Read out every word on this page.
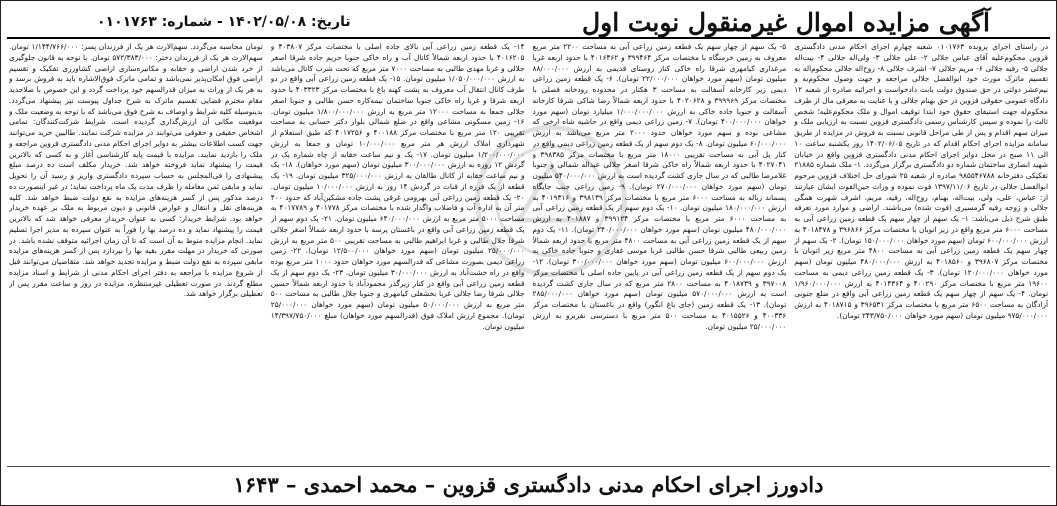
آگهی مزایده اموال غیرمنقول نوبت اول
تاریخ: ۱۴۰۲/۰۵/۰۸ - شماره: ۰۱۰۱۷۶۳

در راستای اجرای پرونده ۰۱۰۱۷۶۳ شعبه چهارم اجرای احکام مدنی دادگستری قزوین محکوم‌علیه آقای عباس جلالی ۲- علی جلالی ۳- ولی‌اله جلالی ۴- بیت‌اله جلالی ۵- رقیه جلالی ۶- مریم جلالی ۷- اشرف جلالی ۸- روح‌اله جلالی محکوم‌اله به تقسیم ماترک مورث خود ابوالفضل جلالی مراجعه و جهت وصول محکوم‌به و نیم‌عشر دولتی در حق صندوق دولت بابت دادخواست و اجرائیه صادره از شعبه ۱۲ دادگاه عمومی حقوقی قزوین در حق بهنام جلالی و با عنایت به معرفی مال از طرف محکوم‌له جهت استیفای حقوق خود ابتدا توقیف اموال و ملک محکوم‌علیه؛ شخص ثالث را نموده و سپس کارشناس رسمی دادگستری قزوین نسبت به ارزیابی ملک و میزان سهم اقدام و پس از طی مراحل قانونی نسبت به فروش در مزایده از طریق سامانه مزایده اجرای احکام اقدام که در تاریخ ۱۴۰۲/۰۶/۰۵ روز یکشنبه ساعت ۱۰ الی ۱۱ صبح در محل دوایر اجرای احکام مدنی دادگستری قزوین واقع در خیابان شهید انصاری ساختمان شماره دو دادگستری برگزار می‌گردد. ۱- ملک شماره ۲۱۸۸۵ تفکیکی دفترخانه ۹۸۵۵۴۶۷۸۸ صادره از شعبه ۲۵ شورای حل اختلاف قزوین مرحوم ابوالفضل جلالی در تاریخ ۱۳۹۷/۱۱/۰۶ فوت نموده و وراث حین‌الفوت ایشان عبارتند از: عباس، علی، ولی، بیت‌اله، بهنام، روح‌اله، رقیه، مریم، اشرف شهرت همگی جلالی و زوجه رقیه گرمسیری (فوت شده) می‌باشند. اراضی و موارد مورد تعرفه طبق شرح ذیل می‌باشد: ۱- یک سهم از چهار سهم یک قطعه زمین زراعی آبی به مساحت ۶۰۰۰ متر مربع واقع در زیر اتوبان با مختصات مرکز ۳۹۶۸۶۶ و ۴۰۱۸۴۷۸ به ارزش ۶۰۰/۰۰۰/۰۰۰ تومان (سهم مورد خواهان ۱۵۰/۰۰۰/۰۰۰ تومان). ۲- یک سهم از چهار سهم یک قطعه زمین زراعی آبی به مساحت ۴۸۰۰ متر مربع زیر اتوبان با مختصات مرکز ۳۹۶۸۰۷ و ۴۰۱۸۵۶۰ به ارزش ۴۸۰/۰۰۰/۰۰۰ میلیون تومان (سهم مورد خواهان ۱۲۰/۰۰۰/۰۰۰ تومان). ۳- یک قطعه زمین زراعی دیمی به مساحت ۱۹۶۰۰ متر مربع با مختصات مرکز ۴۰۰۲۹۰ و ۴۰۱۴۳۶۴ به ارزش ۱/۹۶۰/۰۰۰/۰۰۰ تومان. ۴- یک سهم از چهار سهم یک قطعه زمین زراعی آبی واقع در ضلع جنوبی آزادگان به مساحت ۶۵۰۰ متر مربع با مختصات مرکز ۳۹۶۵۳۱ و ۴۰۱۸۷۱۵ به ارزش ۹۷۵/۰۰۰/۰۰۰ میلیون تومان (سهم مورد خواهان ۲۴۳/۷۵۰/۰۰۰ تومان).

۵- یک سهم از چهار سهم یک قطعه زمین زراعی آبی به مساحت ۲۲۰۰ متر مربع معروف به زمین خرمنگاه با مختصات مرکز ۳۹۹۴۶۴ و ۴۰۱۶۴۶۲ با حدود اربعه غربا مرغداری کیامهری شرقا راه خاکی کنار روستای قدیمی به ارزش ۸۸/۰۰۰/۰۰۰ میلیون تومان (سهم مورد خواهان ۲۲/۰۰۰/۰۰۰ تومان). ۶- یک قطعه زمین زراعی دیمی زیر کارخانه آسفالت به مساحت ۳ هکتار در محدوده رودخانه فصلی با مختصات مرکز ۳۹۹۹۶۹ و ۴۰۲۰۶۲۸ با حدود اربعه شمالاً رضا شاکی شرقا کارخانه آسفالت و جنوبا جاده خاکی به ارزش ۱/۰۰۰/۰۰۰/۰۰۰ میلیارد تومان (سهم مورد خواهان ۴۰۰/۰۰۰/۰۰۰ تومان). ۷- زمین زراعی دیمی واقع در حاشیه شاه ارخی که مشاعی بوده و سهم مورد خواهان حدود ۲۰۰۰ متر مربع می‌باشد به ارزش ۶۰/۰۰۰/۰۰۰ میلیون تومان. ۸- یک دوم سهم از یک قطعه زمین زراعی دیمی واقع در کنار پل آبی به مساحت تقریبی ۱۸۰۰۰ متر مربع با مختصات مرکز ۳۹۸۳۸۵ و ۴۰۲۷۰۴۱ با حدود اربعه شمالاً راه خاکی شرقا اصغر جلالی عبداله شمالی و جنوبا غلامرضا طالبی که در سال جاری کشت گردیده است به ارزش ۵۴۰/۰۰۰/۰۰۰ میلیون تومان (سهم مورد خواهان ۲۷۰/۰۰۰/۰۰۰ تومان). ۹- زمین زراعی جنب جایگاه پسماند زباله به مساحت ۶۰۰۰ متر مربع با مختصات مرکز ۳۹۸۱۳۹ و ۴۰۱۹۳۱۶ به ارزش ۱۸۰/۰۰۰/۰۰۰ میلیون تومان. ۱۰- یک دوم سهم از یک قطعه زمین زراعی آبی به مساحت ۶۰۰۰ متر مربع با مختصات مرکز ۳۹۹۱۲۴ و ۴۰۱۸۸۷ به ارزش ۴۸۰/۰۰۰/۰۰۰ میلیون تومان (سهم مورد خواهان ۲۴۰/۰۰۰/۰۰۰ تومان). ۱۱- یک دوم سهم از یک قطعه زمین زراعی آبی به مساحت ۴۸۰۰ متر مربع با حدود اربعه شمالاً زمین ربیعی طالبی شرقا حسن طالبی غربا موسی غفاری و جنوبا جاده خاکی به ارزش ۶۰۰/۰۰۰/۰۰۰ میلیون تومان (سهم مورد خواهان ۳۰۰/۰۰۰/۰۰۰ تومان). ۱۲- یک دوم سهم از یک قطعه زمین زراعی آبی در پایین جاده اصلی با مختصات مرکز ۳۹۷۰۰۸ و ۴۰۱۸۷۳۹ به مساحت ۲۸۰۰ متر مربع که در سال جاری کشت گردیده است به ارزش ۵۷۰/۰۰۰/۰۰۰ میلیون تومان (سهم مورد خواهان ۲۸۵/۰۰۰/۰۰۰ تومان). ۱۳- یک قطعه زمین (جای باغ انگور) واقع در باغستان با مختصات مرکز ۴۰۰۳۳۶ و ۴۰۱۵۵۲۶ به مساحت ۵۰۰ متر مربع با دسترسی نفربرو به ارزش ۲۵/۰۰۰/۰۰۰ میلیون تومان.

۱۴- یک قطعه زمین زراعی آبی بالای جاده اصلی با مختصات مرکز ۴۰۳۸۰۷ و ۴۰۱۶۲۰۵ با حدود اربعه شمالاً کانال آب و راه خاکی جنوبا حریم جاده شرقا اصغر جلالی و غربا مهدی طالبی به مساحت ۷۰۰۰ متر مربع که تحت شرب کانال می‌باشد به ارزش ۱/۰۵۰/۰۰۰/۰۰۰ میلیون تومان. ۱۵- یک قطعه زمین زراعی آبی واقع در دو طرف کانال انتقال آب معروف به پشت کهنه باغ با مختصات مرکز ۴۰۳۳۲۳ با حدود اربعه شرقا و غربا راه خاکی جنوبا ساختمان نیمه‌کاره حسن طالبی و جنوبا اصغر جلالی جمعا به مساحت ۱۲۰۰۰ متر مربع به ارزش ۱/۸۰۰/۰۰۰/۰۰۰ میلیون تومان. ۱۶- زمین مسکونی مشاعی واقع در ضلع شمالی بلوار دکتر حسابی به مساحت تقریبی ۱۲۰ متر مربع با مختصات مرکز ۴۰۰۱۸۸ و ۴۰۱۷۲۵۶ که طبق استعلام از شهرداری املاک ارزش هر متر مربع ۱۰/۰۰۰/۰۰۰ تومان و جمعا به ارزش ۱/۲۰۰/۰۰۰/۰۰۰ میلیون تومان. ۱۷- یک و نیم ساعت حقابه از چاه شماره یک در گردش ۱۲ روزه به ارزش ۳۰۰/۰۰۰/۰۰۰ میلیون تومان (سهم مورد خواهان). ۱۸- یک و نیم ساعت حقابه از کانال طالقان به ارزش ۳۲۵/۰۰۰/۰۰۰ میلیون تومان. ۱۹- یک قطعه از یک فرزه از قنات در گردش ۱۴ روز به ارزش ۱۰/۰۰۰/۰۰۰ میلیون تومان. ۲۰- یک قطعه زمین زراعی آبی بهرومی غرقی پشت جاده مشکین‌آباد که حدود ۴۰۰ متر آن به اداره آب و فاضلاب واگذار شده با مختصات مرکز ۴۰۱۷۷۸ و ۴۰۱۷۷۸۹ به مساحت ۵۰۰۰ متر مربع به ارزش ۶۴۰/۰۰۰/۰۰۰ میلیون تومان. ۲۱- یک دوم سهم از یک قطعه زمین زراعی آبی واقع در باغستان پرسه با حدود اربعه شمالاً اصغر جلالی شرقا جلال طالبی و غربا ابراهیم طالبی به مساحت تقریبی ۵۰۰ متر مربع به ارزش ۲۵/۰۰۰/۰۰۰ میلیون تومان (سهم مورد خواهان ۱۲/۵۰۰/۰۰۰ تومان). ۲۲- زمین زراعی دیمی بصورت مشاعی که قدرالسهم مورد خواهان حدود ۱۰۰۰ متر مربع بوده واقع در راه خشت‌آباد به ارزش ۳۰/۰۰۰/۰۰۰ میلیون تومان. ۲۳- یک دوم سهم از یک قطعه زمین زراعی آبی واقع در کنار زیرگذر محمودآباد با حدود اربعه شمالاً حسین جلالی شرقا رضا جلالی غربا بخشعلی کیامهری و جنوبا جلال طالبی به مساحت ۵۰۰ متر مربع به ارزش ۵۰/۰۰۰/۰۰۰ میلیون تومان (سهم مورد خواهان ۲۵/۰۰۰/۰۰۰ تومان). مجموع ارزش املاک فوق (قدرالسهم مورد خواهان) مبلغ ۱۴/۳۹۷/۷۵۰/۰۰۰ میلیون تومان.

تومان محاسبه می‌گردد. سهم‌الارث هر یک از فرزندان پسر: ۱/۱۴۴/۷۶۶/۰۰۰ تومان. سهم‌الارث هر یک از فرزندان دختر: ۵۷۲/۳۸۳/۰۰۰ تومان. با توجه به قانون جلوگیری از خرد شدن اراضی و حقابه و مکانیزه‌سازی اراضی کشاورزی تفکیک و تقسیم اراضی فوق امکان‌پذیر نمی‌باشد و تمامی ماترک فوق‌الاشاره باید به فروش برسد و به هر یک از وراث به میزان قدرالسهم خود پرداخت گردد و این خصوص با صلاحدید مقام محترم قضایی تقسیم ماترک به شرح جداول پیوست نیز پیشنهاد می‌گردد. بدینوسیله کلیه شرایط و اوصاف به شرح فوق می‌باشد که با توجه به وضعیت ملک و موقعیت مکانی آن ارزش‌گذاری گردیده است. شرایط شرکت‌کنندگان: تمامی اشخاص حقیقی و حقوقی می‌توانند در مزایده شرکت نمایند. طالبین خرید می‌توانند جهت کسب اطلاعات بیشتر به دوایر اجرای احکام مدنی دادگستری قزوین مراجعه و ملک را بازدید نمایند. مزایده با قیمت پایه کارشناسی آغاز و به کسی که بالاترین قیمت را پیشنهاد نماید فروخته خواهد شد. خریدار مکلف است ده درصد مبلغ پیشنهادی را فی‌المجلس به حساب سپرده دادگستری واریز و رسید آن را تحویل نماید و مابقی ثمن معامله را ظرف مدت یک ماه پرداخت نماید؛ در غیر اینصورت ده درصد مذکور پس از کسر هزینه‌های مزایده به نفع دولت ضبط خواهد شد. کلیه هزینه‌های نقل و انتقال و عوارض قانونی و دیون مربوط به ملک بر عهده خریدار خواهد بود. شرایط خریدار: کسی به عنوان خریدار معرفی خواهد شد که بالاترین قیمت را پیشنهاد نماید و ده درصد بها را فوراً به عنوان سپرده به مدیر اجرا تسلیم نماید. انجام مزایده منوط به آن است که تا آن زمان اجرائیه متوقف نشده باشد. در صورتی که خریدار در مهلت مقرر بقیه بها را نپردازد پس از کسر هزینه‌های مزایده مابقی سپرده به نفع دولت ضبط و مزایده تجدید خواهد شد. متقاضیان می‌توانند قبل از شروع مزایده با مراجعه به دفتر اجرای احکام مدنی از شرایط و اسناد مزایده مطلع گردند. در صورت تعطیلی غیرمنتظره، مزایده در روز و ساعت مقرر پس از تعطیلی برگزار خواهد شد.

دادورز اجرای احکام مدنی دادگستری قزوین – محمد احمدی – ۱۶۴۳
